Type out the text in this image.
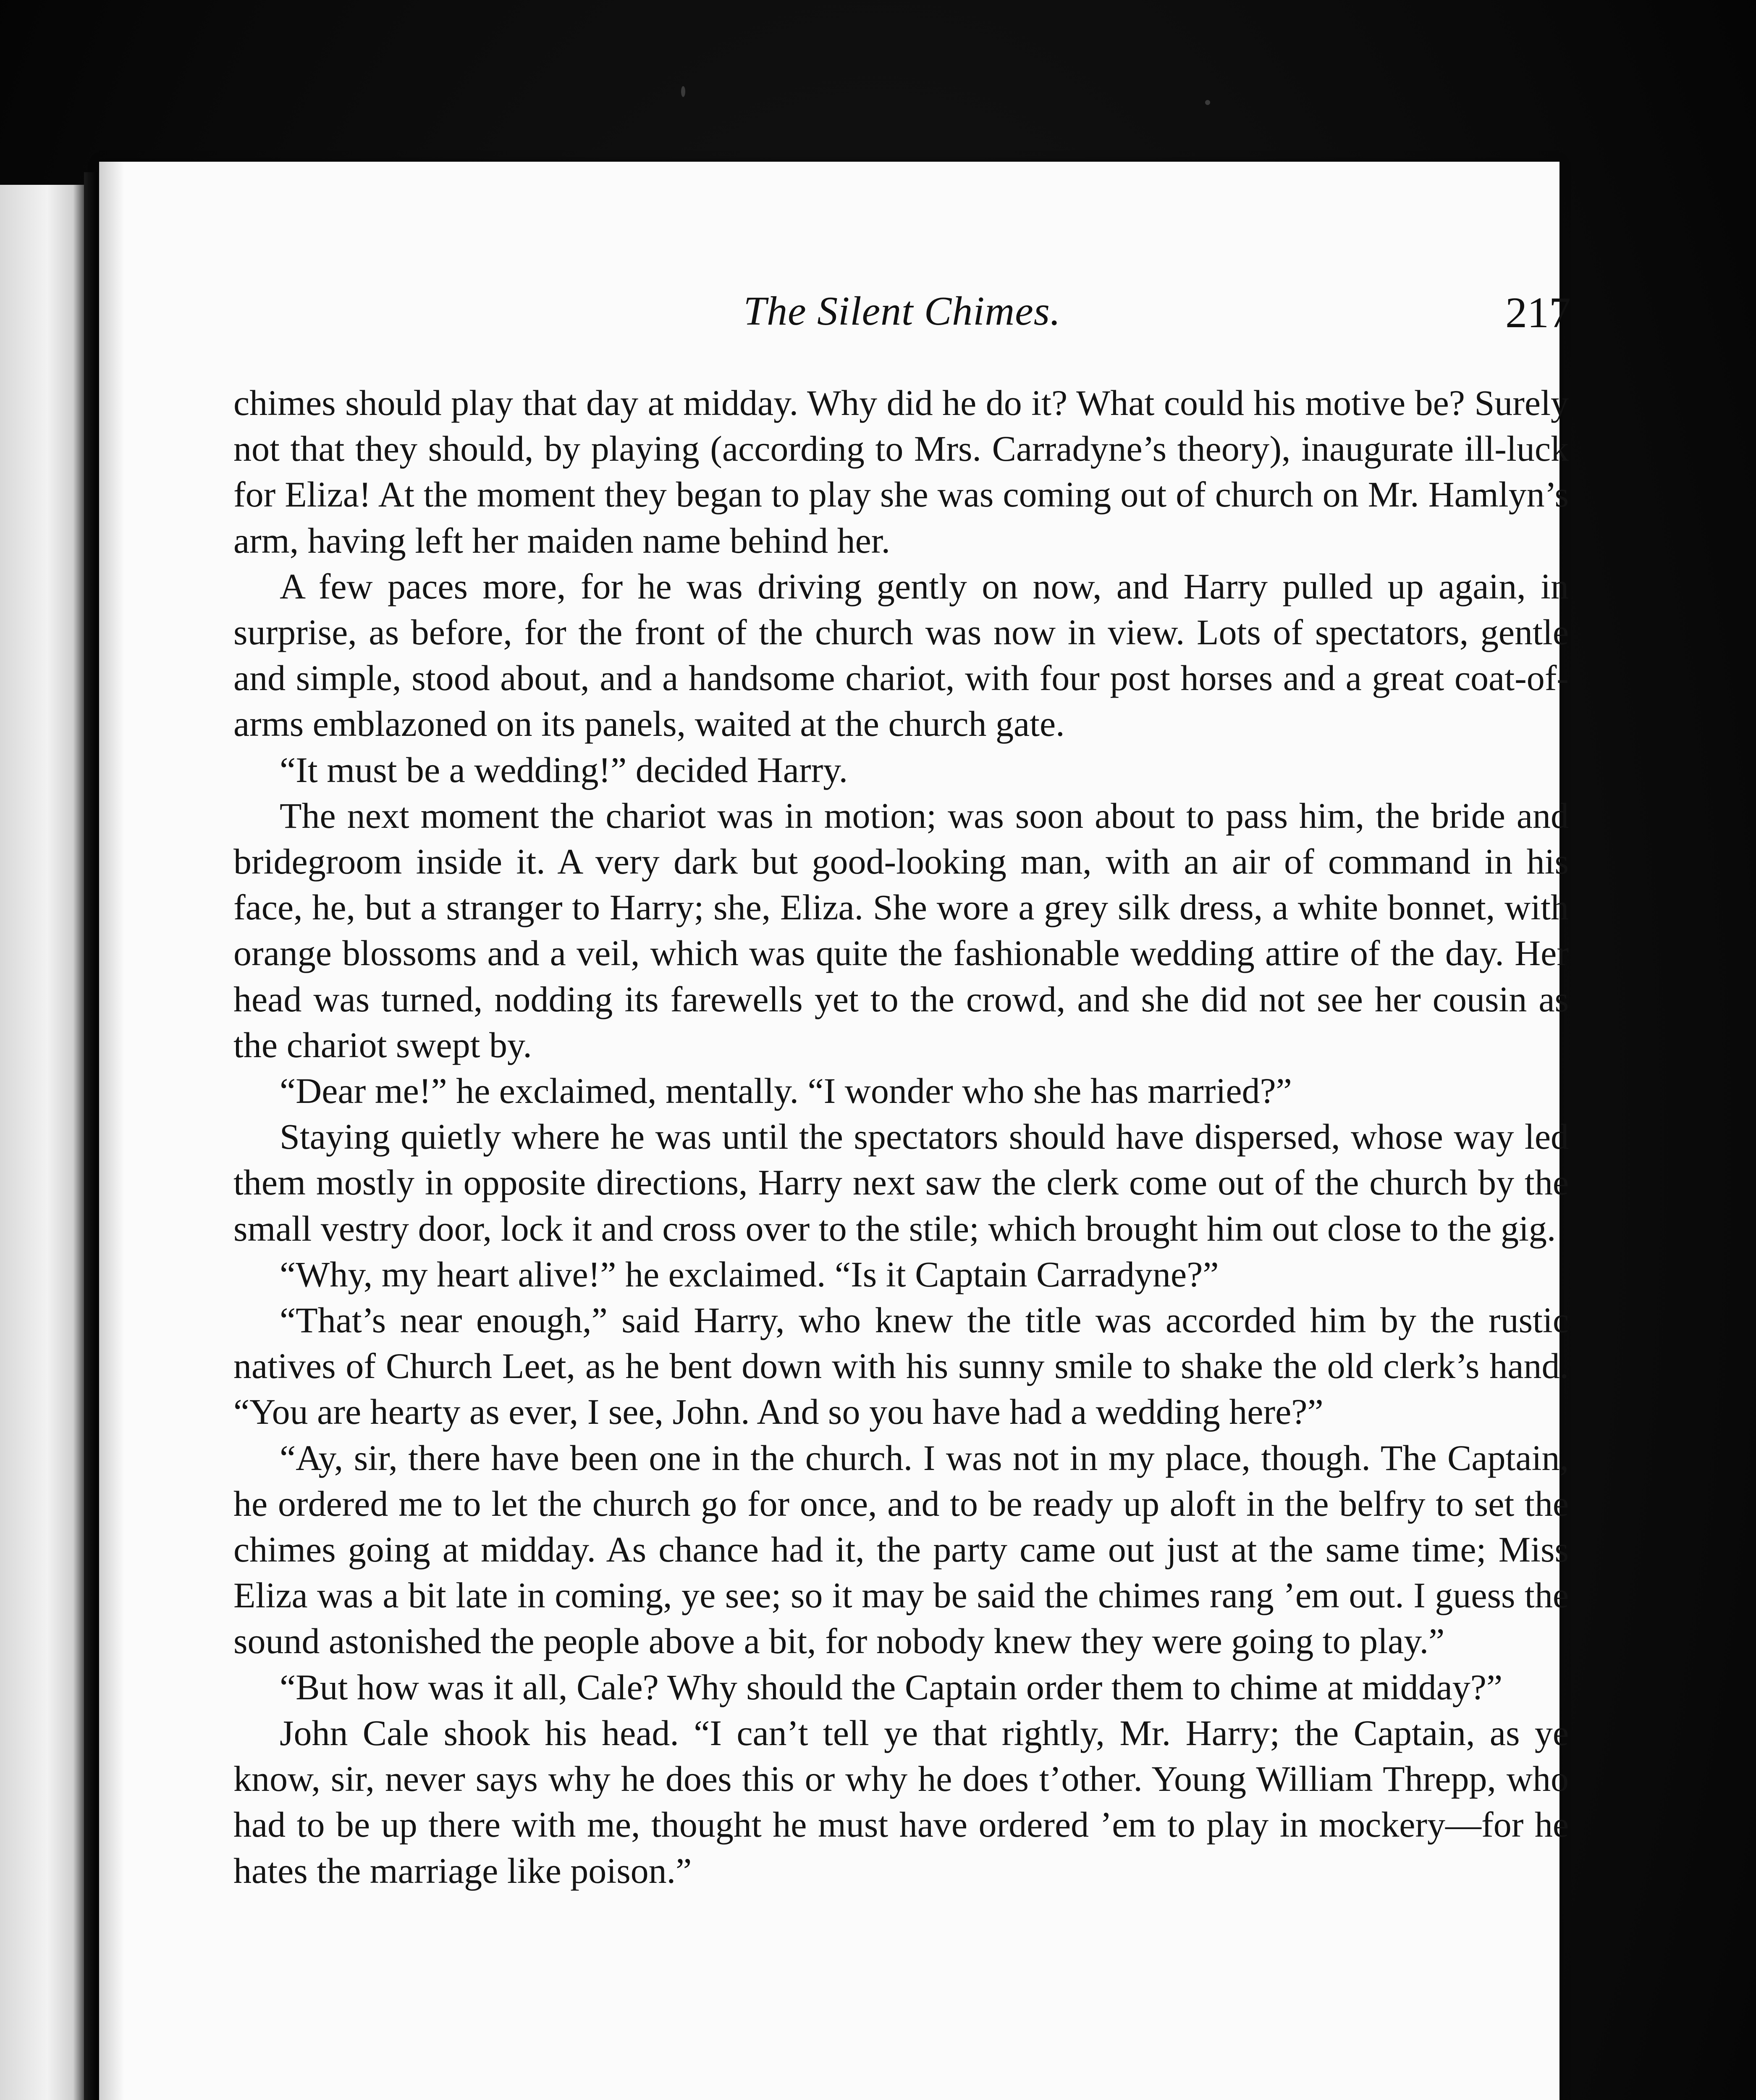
The Silent Chimes.	217

chimes should play that day at midday. Why did he do it? What could his motive be? Surely not that they should, by playing (according to Mrs. Carradyne’s theory), inaugurate ill-luck for Eliza! At the moment they began to play she was coming out of church on Mr. Hamlyn’s arm, having left her maiden name behind her.

A few paces more, for he was driving gently on now, and Harry pulled up again, in surprise, as before, for the front of the church was now in view. Lots of spectators, gentle and simple, stood about, and a handsome chariot, with four post horses and a great coat-of-arms emblazoned on its panels, waited at the church gate.

“It must be a wedding!” decided Harry.

The next moment the chariot was in motion; was soon about to pass him, the bride and bridegroom inside it. A very dark but good-looking man, with an air of command in his face, he, but a stranger to Harry; she, Eliza. She wore a grey silk dress, a white bonnet, with orange blossoms and a veil, which was quite the fashionable wedding attire of the day. Her head was turned, nodding its farewells yet to the crowd, and she did not see her cousin as the chariot swept by.

“Dear me!” he exclaimed, mentally. “I wonder who she has married?”

Staying quietly where he was until the spectators should have dispersed, whose way led them mostly in opposite directions, Harry next saw the clerk come out of the church by the small vestry door, lock it and cross over to the stile; which brought him out close to the gig.

“Why, my heart alive!” he exclaimed. “Is it Captain Carradyne?”

“That’s near enough,” said Harry, who knew the title was accorded him by the rustic natives of Church Leet, as he bent down with his sunny smile to shake the old clerk’s hand. “You are hearty as ever, I see, John. And so you have had a wedding here?”

“Ay, sir, there have been one in the church. I was not in my place, though. The Captain, he ordered me to let the church go for once, and to be ready up aloft in the belfry to set the chimes going at midday. As chance had it, the party came out just at the same time; Miss Eliza was a bit late in coming, ye see; so it may be said the chimes rang ’em out. I guess the sound astonished the people above a bit, for nobody knew they were going to play.”

“But how was it all, Cale? Why should the Captain order them to chime at midday?”

John Cale shook his head. “I can’t tell ye that rightly, Mr. Harry; the Captain, as ye know, sir, never says why he does this or why he does t’other. Young William Threpp, who had to be up there with me, thought he must have ordered ’em to play in mockery—for he hates the marriage like poison.”
